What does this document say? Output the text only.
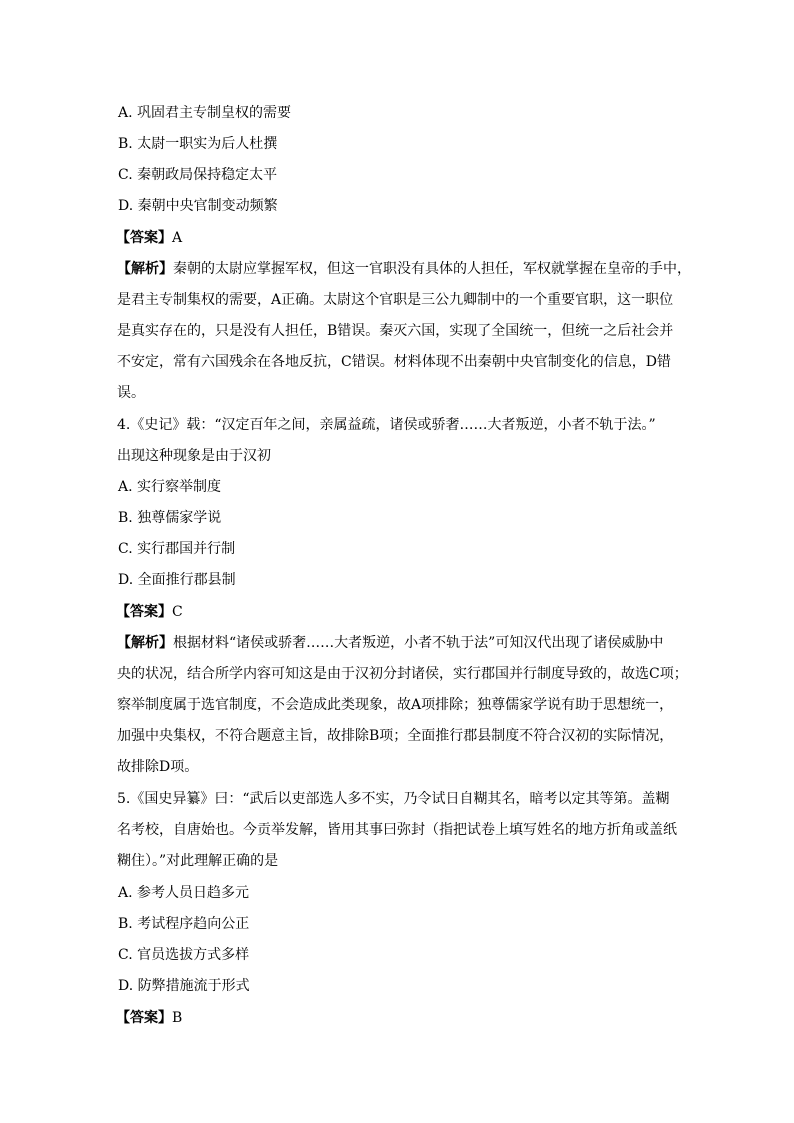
A. 巩固君主专制皇权的需要
B. 太尉一职实为后人杜撰
C. 秦朝政局保持稳定太平
D. 秦朝中央官制变动频繁
【答案】A
【解析】秦朝的太尉应掌握军权，但这一官职没有具体的人担任，军权就掌握在皇帝的手中，
是君主专制集权的需要，A正确。太尉这个官职是三公九卿制中的一个重要官职，这一职位
是真实存在的，只是没有人担任，B错误。秦灭六国，实现了全国统一，但统一之后社会并
不安定，常有六国残余在各地反抗，C错误。材料体现不出秦朝中央官制变化的信息，D错
误。
4.《史记》载：“汉定百年之间，亲属益疏，诸侯或骄奢……大者叛逆，小者不轨于法。”
出现这种现象是由于汉初
A. 实行察举制度
B. 独尊儒家学说
C. 实行郡国并行制
D. 全面推行郡县制
【答案】C
【解析】根据材料“诸侯或骄奢……大者叛逆，小者不轨于法”可知汉代出现了诸侯威胁中
央的状况，结合所学内容可知这是由于汉初分封诸侯，实行郡国并行制度导致的，故选C项；
察举制度属于选官制度，不会造成此类现象，故A项排除；独尊儒家学说有助于思想统一，
加强中央集权，不符合题意主旨，故排除B项；全面推行郡县制度不符合汉初的实际情况，
故排除D项。
5.《国史异纂》曰：“武后以吏部选人多不实，乃令试日自糊其名，暗考以定其等第。盖糊
名考校，自唐始也。今贡举发解，皆用其事曰弥封（指把试卷上填写姓名的地方折角或盖纸
糊住）。”对此理解正确的是
A. 参考人员日趋多元
B. 考试程序趋向公正
C. 官员选拔方式多样
D. 防弊措施流于形式
【答案】B
